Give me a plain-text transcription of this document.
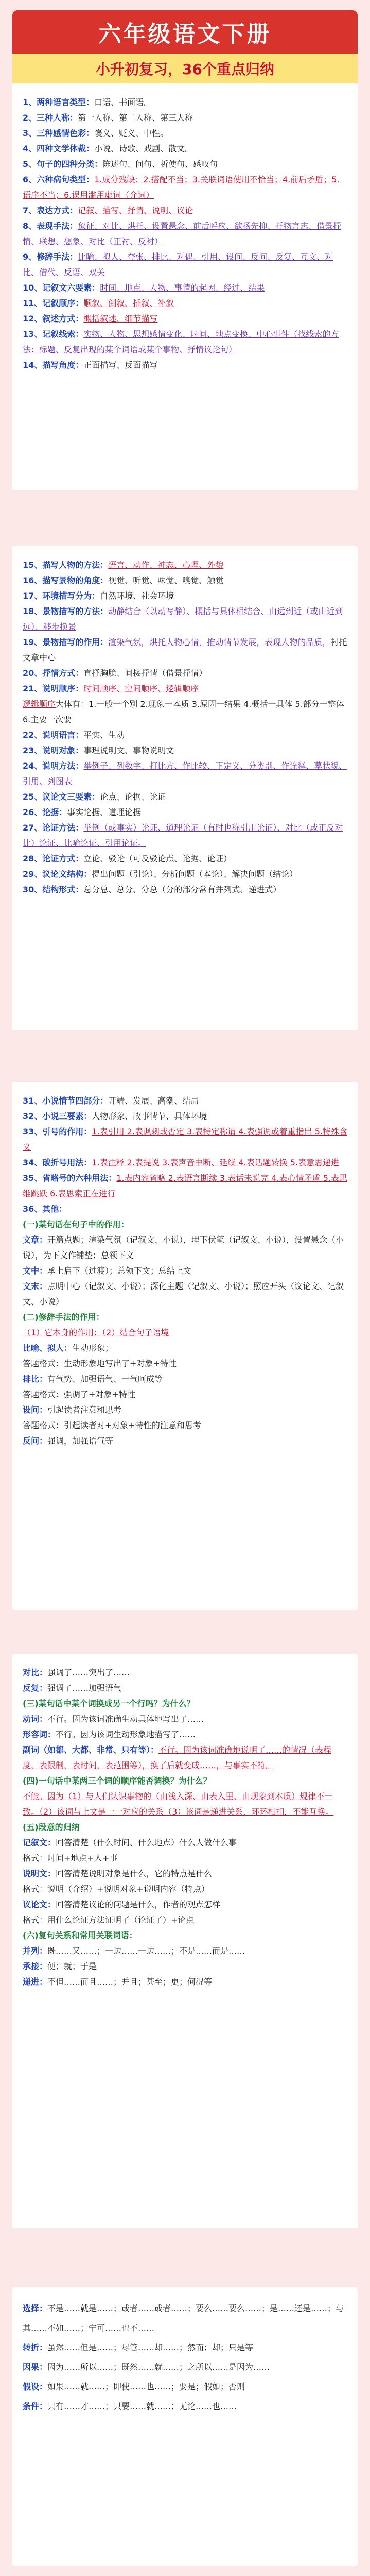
六年级语文下册
小升初复习，36个重点归纳

1、两种语言类型：口语、书面语。

2、三种人称：第一人称、第二人称、第三人称

3、三种感情色彩：褒义、贬义、中性。

4、四种文学体裁：小说、诗歌、戏剧、散文。

5、句子的四种分类：陈述句、问句、祈使句、感叹句

6、六种病句类型：1.成分残缺；2.搭配不当；3.关联词语使用不恰当；4.前后矛盾；5.语序不当；6.误用滥用虚词（介词）

7、表达方式：记叙、描写、抒情、说明、议论

8、表现手法：象征、对比、烘托、设置悬念、前后呼应、欲扬先抑、托物言志、借景抒情、联想、想象、对比（正衬、反衬）

9、修辞手法：比喻、拟人、夸张、排比、对偶、引用、设问、反问、反复、互文、对比、借代、反语、双关

10、记叙文六要素：时间、地点、人物、事情的起因、经过、结果

11、记叙顺序：顺叙、倒叙、插叙、补叙

12、叙述方式：概括叙述，细节描写

13、记叙线索：实物、人物、思想感情变化、时间、地点变换、中心事件（找线索的方法：标题、反复出现的某个词语或某个事物、抒情议论句）

14、描写角度：正面描写、反面描写

15、描写人物的方法：语言、动作、神态、心理、外貌

16、描写景物的角度：视觉、听觉、味觉、嗅觉、触觉

17、环境描写分为：自然环境、社会环境

18、景物描写的方法：动静结合（以动写静）、概括与具体相结合、由远到近（或由近到远）、移步换景

19、景物描写的作用：渲染气氛，烘托人物心情，推动情节发展，表现人物的品质，衬托文章中心

20、抒情方式：直抒胸臆、间接抒情（借景抒情）

21、说明顺序：时间顺序、空间顺序、逻辑顺序

逻辑顺序大体有：1.一般一个别 2.现象一本质 3.原因一结果 4.概括一具体 5.部分一整体 6.主要一次要

22、说明语言：平实、生动

23、说明对象：事理说明文、事物说明文

24、说明方法：举例子、列数字、打比方、作比较、下定义、分类别、作诠释、摹状貌、引用、列图表

25、议论文三要素：论点、论据、论证

26、论据：事实论据、道理论据

27、论证方法：举例（或事实）论证、道理论证（有时也称引用论证）、对比（或正反对比）论证、比喻论证、引用论证。

28、论证方式：立论、驳论（可反驳论点、论据、论证）

29、议论文结构：提出问题（引论）、分析问题（本论）、解决问题（结论）

30、结构形式：总分总、总分、分总（分的部分常有并列式、递进式）

31、小说情节四部分：开端、发展、高潮、结局

32、小说三要素：人物形象、故事情节、具体环境

33、引号的作用：1.表引用 2.表讽刺或否定 3.表特定称谓 4.表强调或着重指出 5.特殊含义

34、破折号用法：1.表注释 2.表提说 3.表声音中断、延续 4.表话题转换 5.表意思递进

35、省略号的六种用法：1.表内容省略 2.表语言断续 3.表话未说完 4.表心情矛盾 5.表思维跳跃 6.表思索正在进行

36、其他：

(一)某句话在句子中的作用：

文章：开篇点题；渲染气氛（记叙文、小说），埋下伏笔（记叙文、小说），设置悬念（小说），为下文作铺垫；总领下文

文中：承上启下（过渡）；总领下文；总结上文

文末：点明中心（记叙文、小说）；深化主题（记叙文、小说）；照应开头（议论文、记叙文、小说）

(二)修辞手法的作用：

（1）它本身的作用；（2）结合句子语境

比喻、拟人：生动形象；

答题格式：生动形象地写出了+对象+特性

排比：有气势、加强语气、一气呵成等

答题格式：强调了+对象+特性

设问：引起读者注意和思考

答题格式：引起读者对+对象+特性的注意和思考

反问：强调，加强语气等

对比：强调了……突出了……

反复：强调了……加强语气

(三)某句话中某个词换成另一个行吗？为什么？

动词：不行。因为该词准确生动具体地写出了……

形容词：不行。因为该词生动形象地描写了……

副词（如都、大都、非常、只有等）：不行。因为该词准确地说明了……的情况（表程度，表限制，表时间，表范围等），换了后就变成……，与事实不符。

(四)一句话中某两三个词的顺序能否调换？为什么？

不能。因为（1）与人们认识事物的（由浅入深、由表入里、由现象到本质）规律不一致。（2）该词与上文是一一对应的关系（3）该词是递进关系，环环相扣，不能互换。

(五)段意的归纳

记叙文：回答清楚（什么时间、什么地点）什么人做什么事

格式：时间+地点+人+事

说明文：回答清楚说明对象是什么，它的特点是什么

格式：说明（介绍）+说明对象+说明内容（特点）

议论文：回答清楚议论的问题是什么，作者的观点怎样

格式：用什么论证方法证明了（论证了）+论点

(六)复句关系和常用关联词语：

并列：既……又……；一边……一边……；不是……而是……

承接：便；就；于是

递进：不但……而且……；并且；甚至；更；何况等

选择：不是……就是……；或者……或者……；要么……要么……；是……还是……；与其……不如……；宁可……也不……

转折：虽然……但是……；尽管……却……；然而；却；只是等

因果：因为……所以……；既然……就……；之所以……是因为……

假设：如果……就……；即使……也……；要是；假如；否则

条件：只有……才……；只要……就……；无论……也……
